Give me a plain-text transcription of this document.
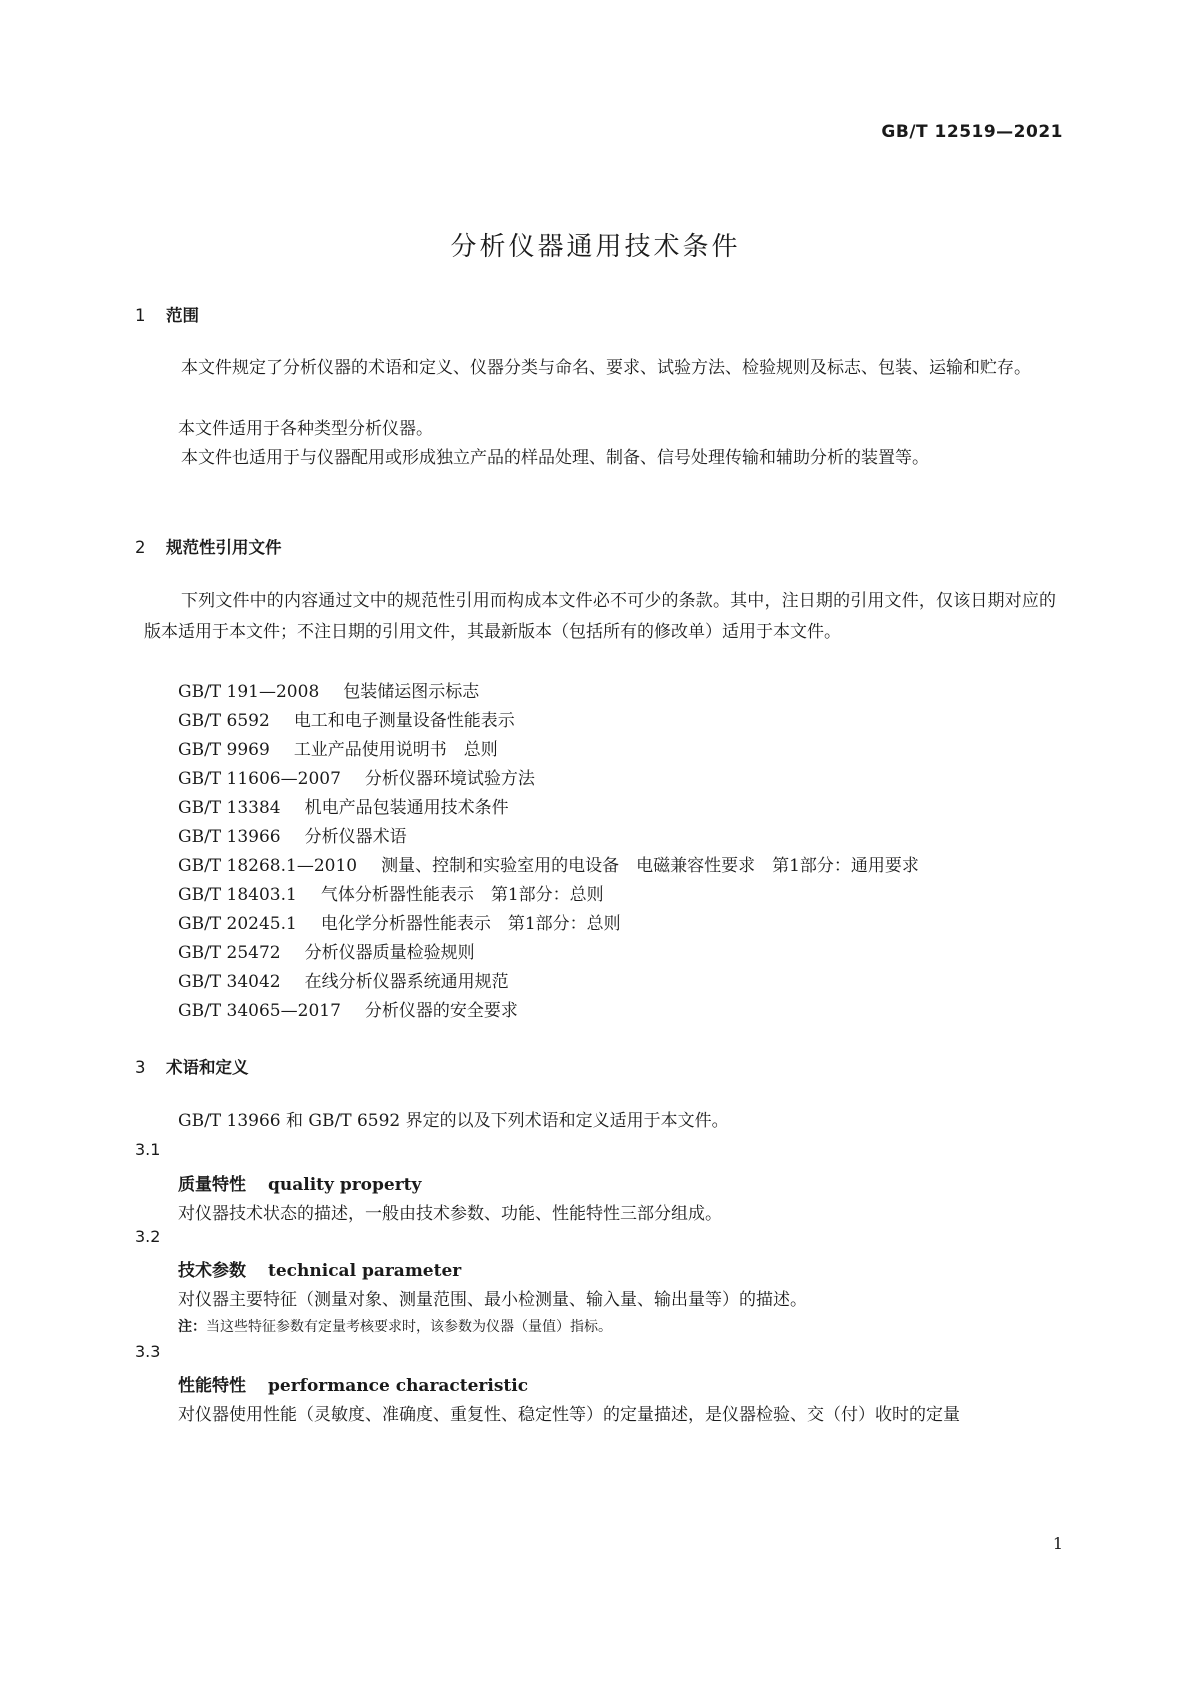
GB/T 12519—2021
分析仪器通用技术条件
1 范围

本文件规定了分析仪器的术语和定义、仪器分类与命名、要求、试验方法、检验规则及标志、包装、运输和贮存。

本文件适用于各种类型分析仪器。

本文件也适用于与仪器配用或形成独立产品的样品处理、制备、信号处理传输和辅助分析的装置等。

2 规范性引用文件

下列文件中的内容通过文中的规范性引用而构成本文件必不可少的条款。其中，注日期的引用文件，仅该日期对应的版本适用于本文件；不注日期的引用文件，其最新版本（包括所有的修改单）适用于本文件。

GB/T 191—2008 包装储运图示标志
GB/T 6592 电工和电子测量设备性能表示
GB/T 9969 工业产品使用说明书　总则
GB/T 11606—2007 分析仪器环境试验方法
GB/T 13384 机电产品包装通用技术条件
GB/T 13966 分析仪器术语
GB/T 18268.1—2010 测量、控制和实验室用的电设备　电磁兼容性要求　第1部分：通用要求
GB/T 18403.1 气体分析器性能表示　第1部分：总则
GB/T 20245.1 电化学分析器性能表示　第1部分：总则
GB/T 25472 分析仪器质量检验规则
GB/T 34042 在线分析仪器系统通用规范
GB/T 34065—2017 分析仪器的安全要求
3 术语和定义
GB/T 13966 和 GB/T 6592 界定的以及下列术语和定义适用于本文件。
3.1
质量特性 quality property
对仪器技术状态的描述，一般由技术参数、功能、性能特性三部分组成。
3.2
技术参数 technical parameter
对仪器主要特征（测量对象、测量范围、最小检测量、输入量、输出量等）的描述。
注：当这些特征参数有定量考核要求时，该参数为仪器（量值）指标。
3.3
性能特性 performance characteristic
对仪器使用性能（灵敏度、准确度、重复性、稳定性等）的定量描述，是仪器检验、交（付）收时的定量
1
